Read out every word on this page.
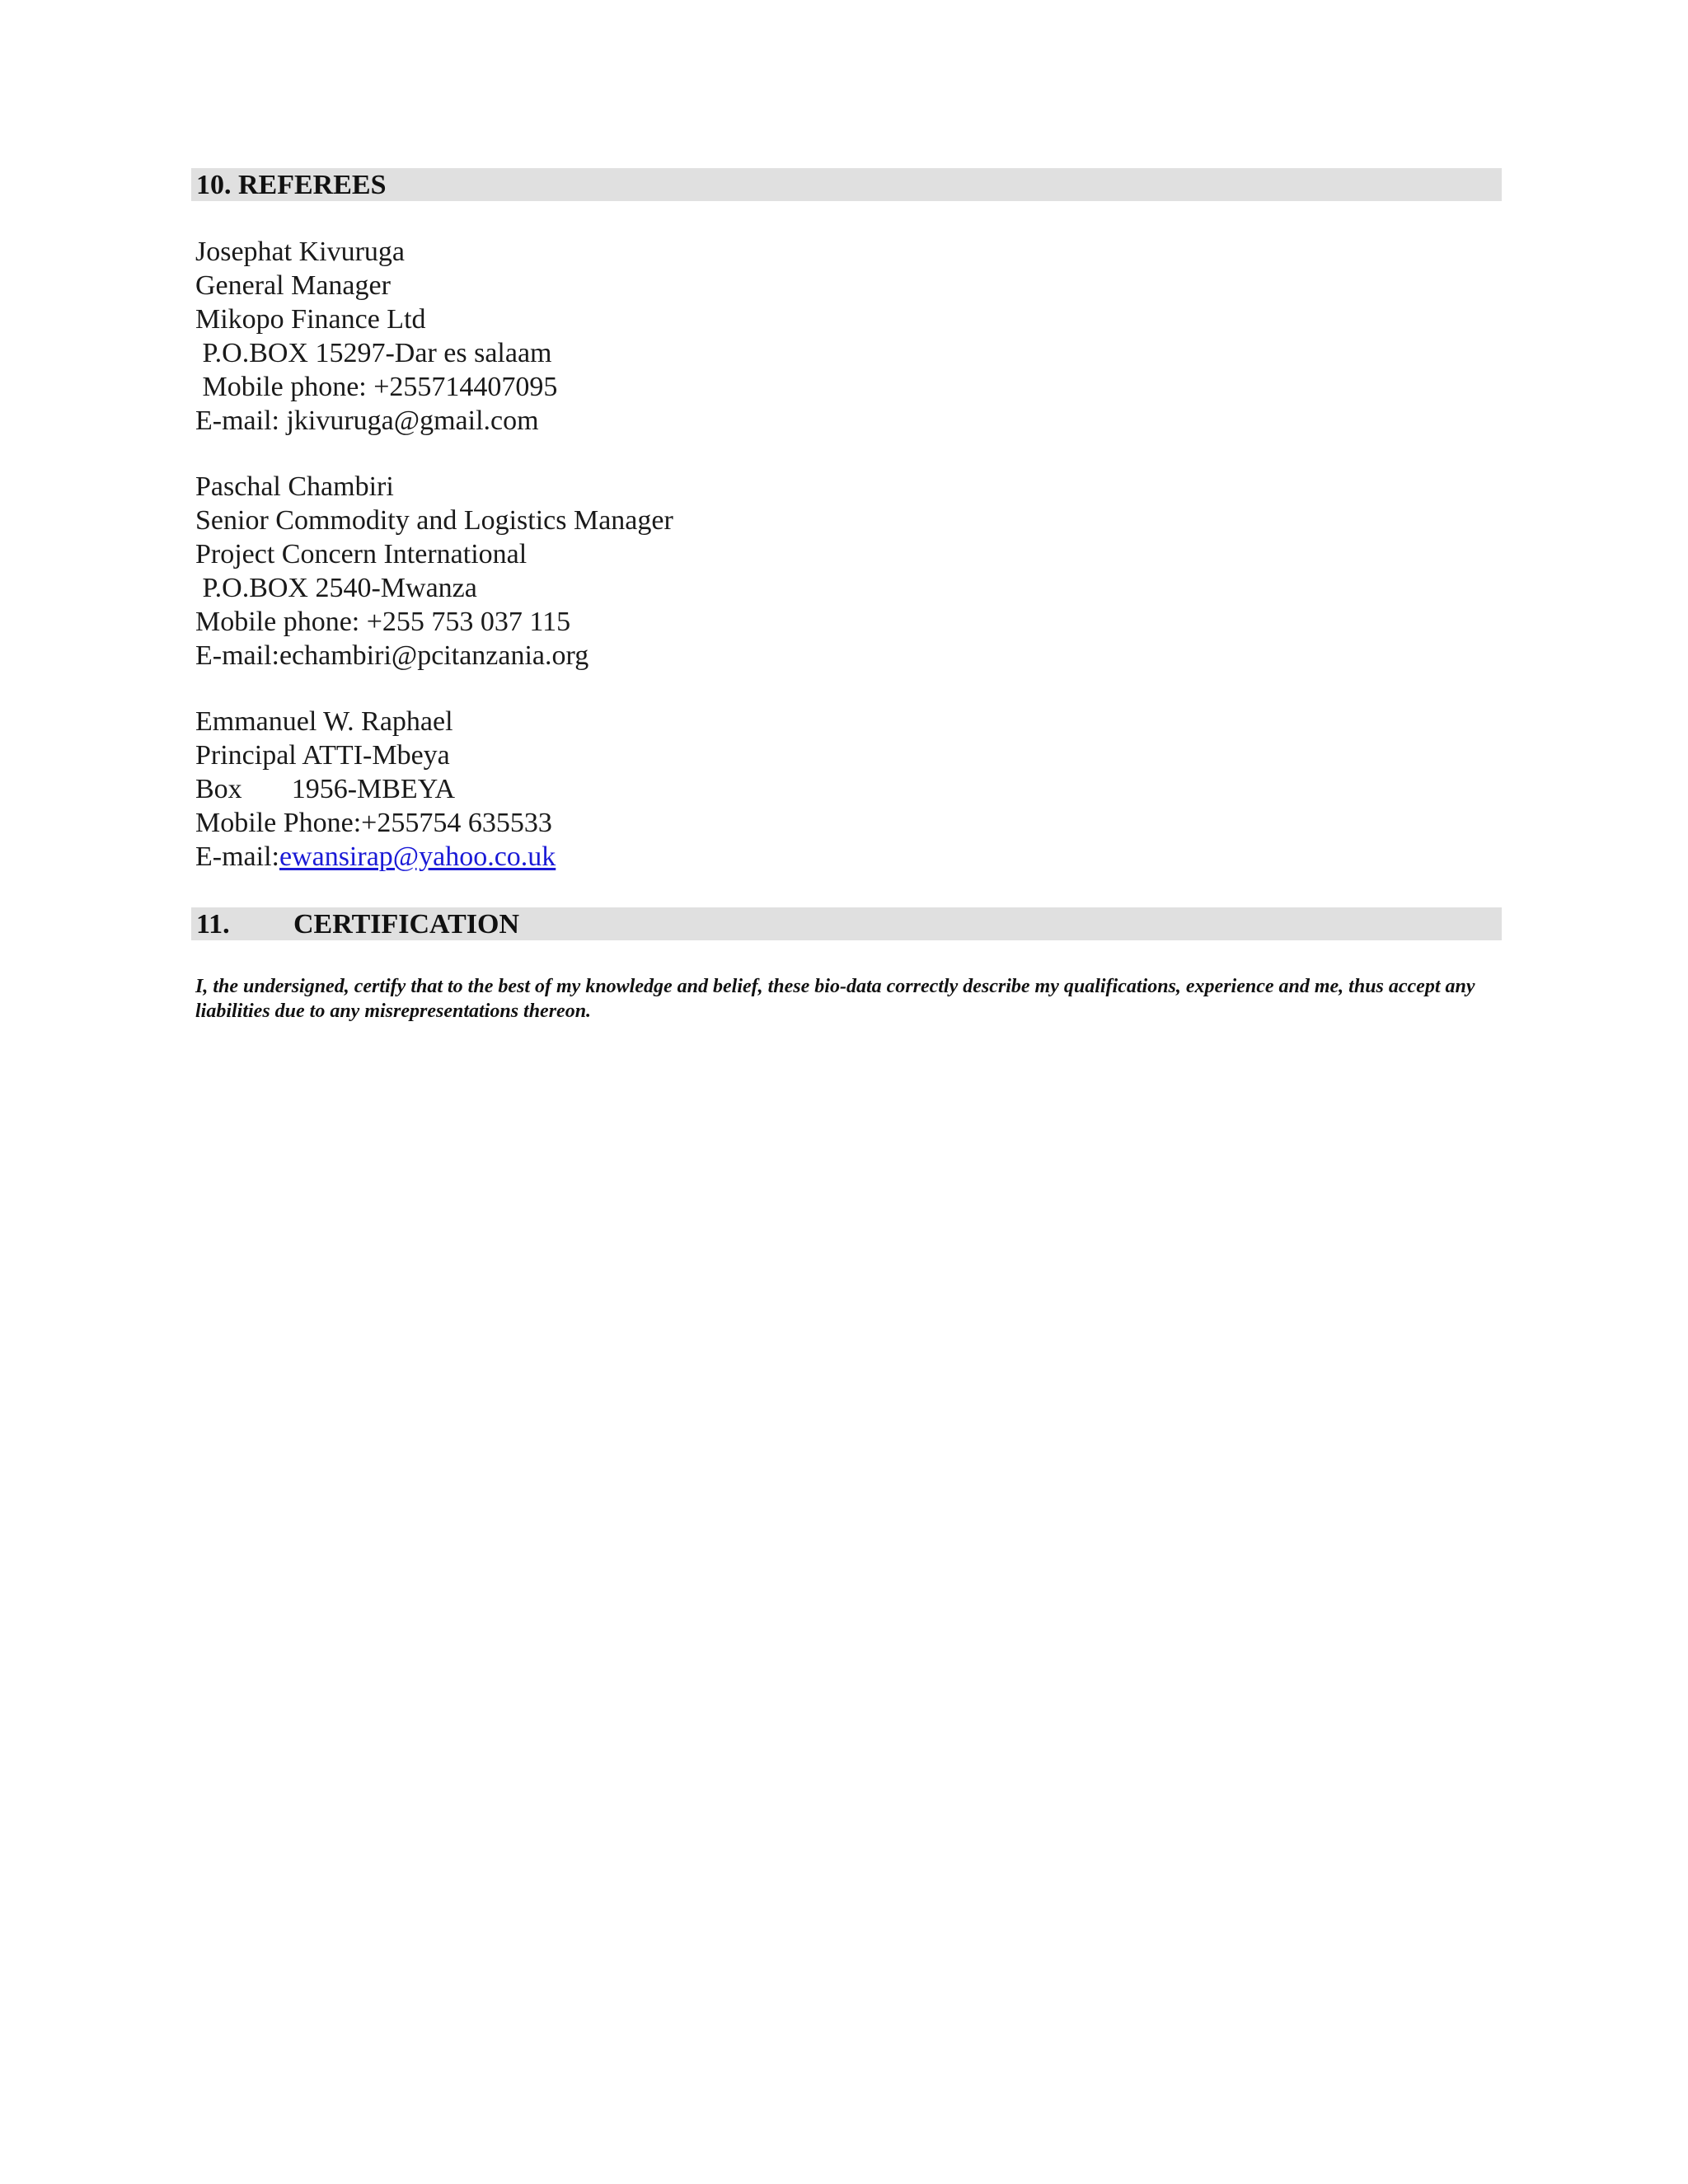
10. REFEREES
Josephat Kivuruga
General Manager
Mikopo Finance Ltd
P.O.BOX 15297-Dar es salaam
Mobile phone: +255714407095
E-mail: jkivuruga@gmail.com
Paschal Chambiri
Senior Commodity and Logistics Manager
Project Concern International
P.O.BOX 2540-Mwanza
Mobile phone: +255 753 037 115
E-mail:echambiri@pcitanzania.org
Emmanuel W. Raphael
Principal ATTI-Mbeya
Box 1956-MBEYA
Mobile Phone:+255754 635533
E-mail:ewansirap@yahoo.co.uk
11. CERTIFICATION
I, the undersigned, certify that to the best of my knowledge and belief, these bio-data correctly describe my qualifications, experience and me, thus accept any liabilities due to any misrepresentations thereon.
